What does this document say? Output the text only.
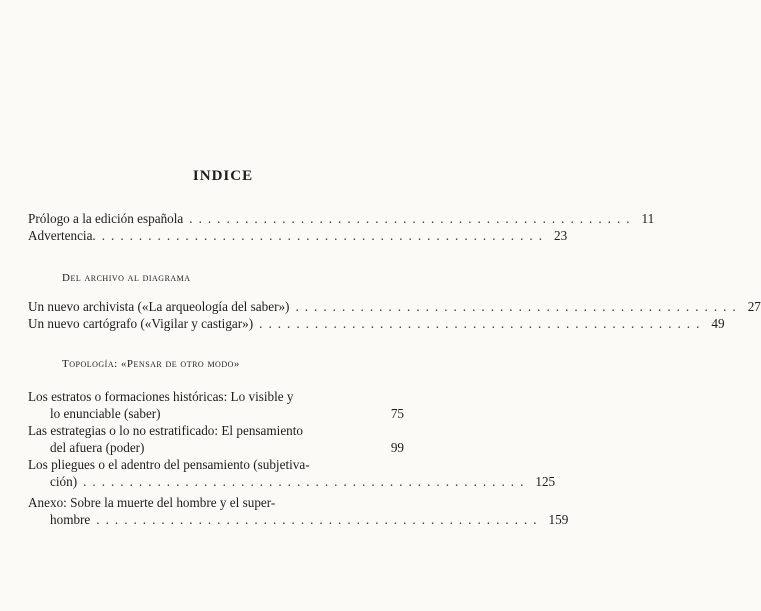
INDICE
Prólogo a la edición española ................................................ 11
Advertencia. ................................................ 23
Del archivo al diagrama
Un nuevo archivista («La arqueología del saber») ................................................ 27
Un nuevo cartógrafo («Vigilar y castigar») ................................................ 49
Topología: «Pensar de otro modo»
Los estratos o formaciones históricas: Lo visible y
lo enunciable (saber)	75
Las estrategias o lo no estratificado: El pensamiento
del afuera (poder)	99
Los pliegues o el adentro del pensamiento (subjetiva-
ción) ................................................ 125
Anexo: Sobre la muerte del hombre y el super-
hombre ................................................ 159
